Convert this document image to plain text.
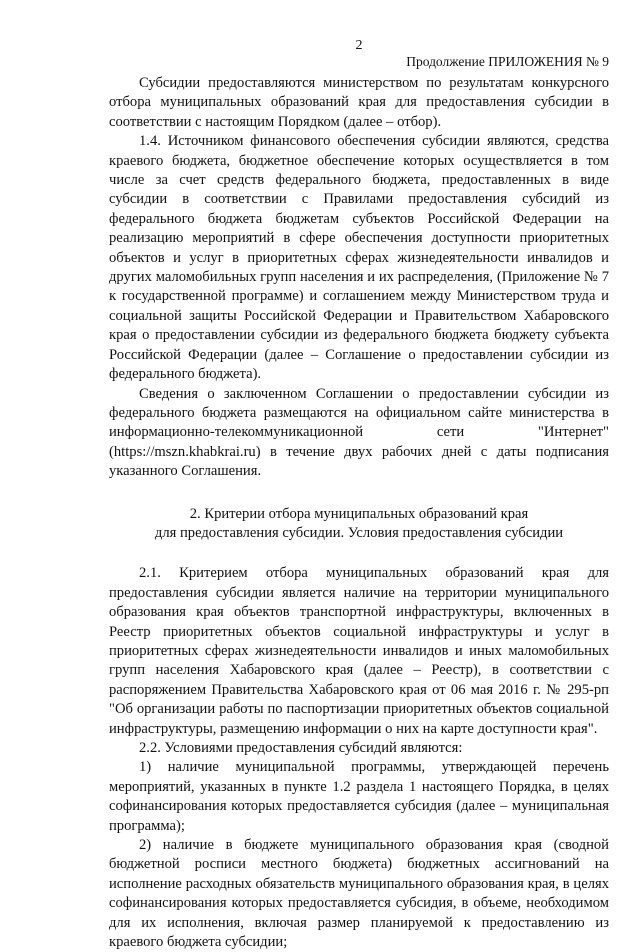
2
Продолжение ПРИЛОЖЕНИЯ № 9

Субсидии предоставляются министерством по результатам конкурсного отбора муниципальных образований края для предоставления субсидии в соответствии с настоящим Порядком (далее – отбор).

1.4. Источником финансового обеспечения субсидии являются, средства краевого бюджета, бюджетное обеспечение которых осуществляется в том числе за счет средств федерального бюджета, предоставленных в виде субсидии в соответствии с Правилами предоставления субсидий из федерального бюджета бюджетам субъектов Российской Федерации на реализацию мероприятий в сфере обеспечения доступности приоритетных объектов и услуг в приоритетных сферах жизнедеятельности инвалидов и других маломобильных групп населения и их распределения, (Приложение № 7 к государственной программе) и соглашением между Министерством труда и социальной защиты Российской Федерации и Правительством Хабаровского края о предоставлении субсидии из федерального бюджета бюджету субъекта Российской Федерации (далее – Соглашение о предоставлении субсидии из федерального бюджета).

Сведения о заключенном Соглашении о предоставлении субсидии из федерального бюджета размещаются на официальном сайте министерства в информационно-телекоммуникационной сети "Интернет" (https://mszn.khabkrai.ru) в течение двух рабочих дней с даты подписания указанного Соглашения.

2. Критерии отбора муниципальных образований края
для предоставления субсидии. Условия предоставления субсидии

2.1. Критерием отбора муниципальных образований края для предоставления субсидии является наличие на территории муниципального образования края объектов транспортной инфраструктуры, включенных в Реестр приоритетных объектов социальной инфраструктуры и услуг в приоритетных сферах жизнедеятельности инвалидов и иных маломобильных групп населения Хабаровского края (далее – Реестр), в соответствии с распоряжением Правительства Хабаровского края от 06 мая 2016 г. № 295-рп "Об организации работы по паспортизации приоритетных объектов социальной инфраструктуры, размещению информации о них на карте доступности края".

2.2. Условиями предоставления субсидий являются:

1) наличие муниципальной программы, утверждающей перечень мероприятий, указанных в пункте 1.2 раздела 1 настоящего Порядка, в целях софинансирования которых предоставляется субсидия (далее – муниципальная программа);

2) наличие в бюджете муниципального образования края (сводной бюджетной росписи местного бюджета) бюджетных ассигнований на исполнение расходных обязательств муниципального образования края, в целях софинансирования которых предоставляется субсидия, в объеме, необходимом для их исполнения, включая размер планируемой к предоставлению из краевого бюджета субсидии;
